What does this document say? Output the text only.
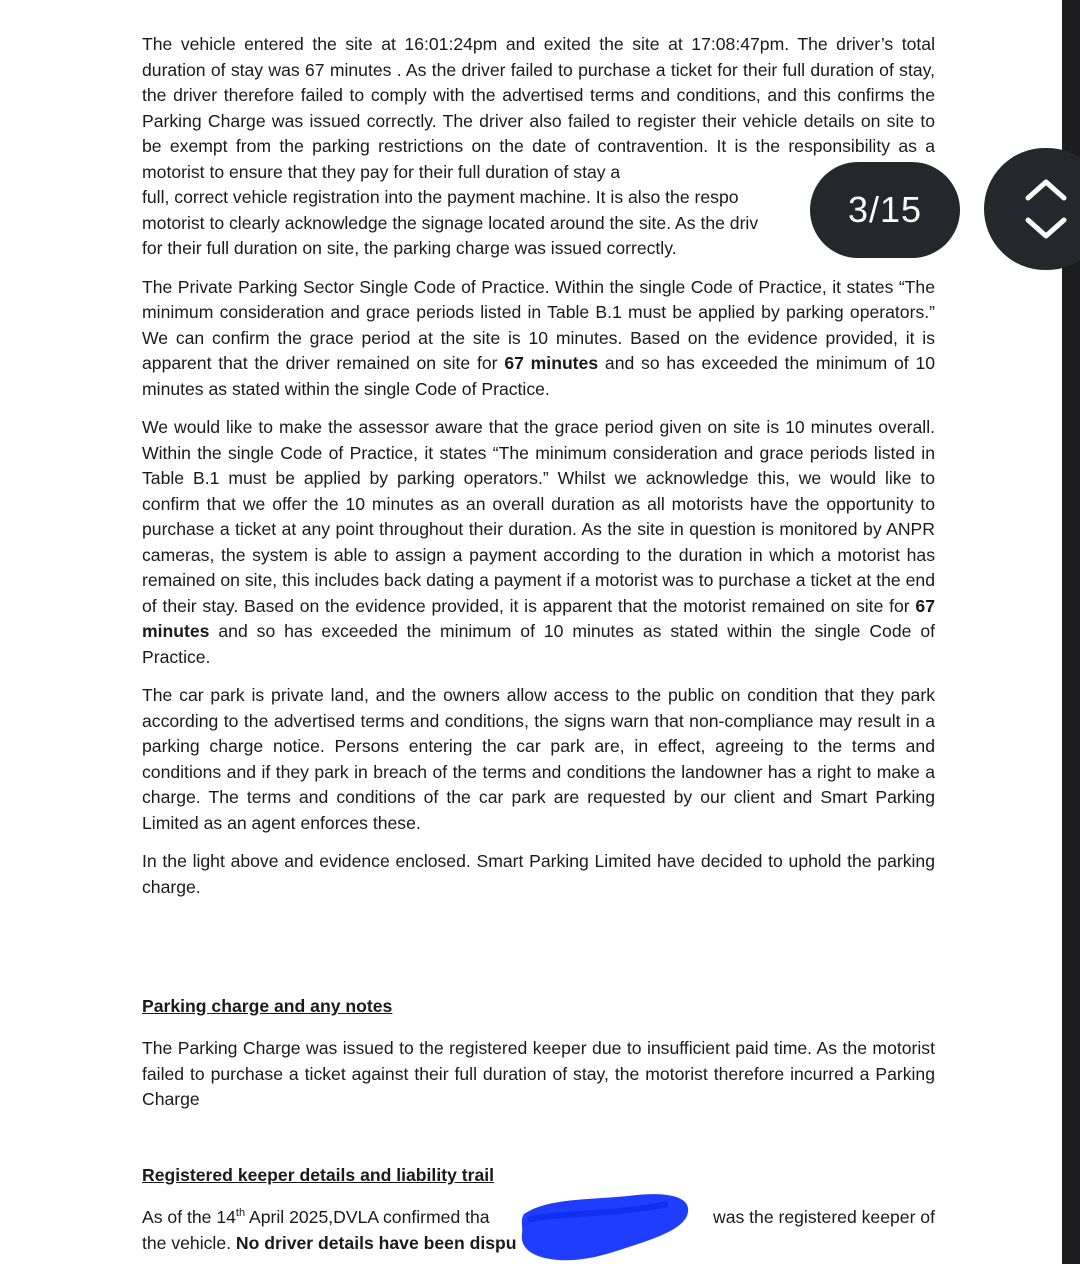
The vehicle entered the site at 16:01:24pm and exited the site at 17:08:47pm. The driver’s total duration of stay was 67 minutes . As the driver failed to purchase a ticket for their full duration of stay, the driver therefore failed to comply with the advertised terms and conditions, and this confirms the Parking Charge was issued correctly. The driver also failed to register their vehicle details on site to be exempt from the parking restrictions on the date of contravention. It is the responsibility as a motorist to ensure that they pay for their full duration of stay a
full, correct vehicle registration into the payment machine. It is also the respo
motorist to clearly acknowledge the signage located around the site. As the driv
for their full duration on site, the parking charge was issued correctly.

The Private Parking Sector Single Code of Practice. Within the single Code of Practice, it states “The minimum consideration and grace periods listed in Table B.1 must be applied by parking operators.” We can confirm the grace period at the site is 10 minutes. Based on the evidence provided, it is apparent that the driver remained on site for 67 minutes and so has exceeded the minimum of 10 minutes as stated within the single Code of Practice.

We would like to make the assessor aware that the grace period given on site is 10 minutes overall. Within the single Code of Practice, it states “The minimum consideration and grace periods listed in Table B.1 must be applied by parking operators.” Whilst we acknowledge this, we would like to confirm that we offer the 10 minutes as an overall duration as all motorists have the opportunity to purchase a ticket at any point throughout their duration. As the site in question is monitored by ANPR cameras, the system is able to assign a payment according to the duration in which a motorist has remained on site, this includes back dating a payment if a motorist was to purchase a ticket at the end of their stay. Based on the evidence provided, it is apparent that the motorist remained on site for 67 minutes and so has exceeded the minimum of 10 minutes as stated within the single Code of Practice.

The car park is private land, and the owners allow access to the public on condition that they park according to the advertised terms and conditions, the signs warn that non-compliance may result in a parking charge notice. Persons entering the car park are, in effect, agreeing to the terms and conditions and if they park in breach of the terms and conditions the landowner has a right to make a charge. The terms and conditions of the car park are requested by our client and Smart Parking Limited as an agent enforces these.

In the light above and evidence enclosed. Smart Parking Limited have decided to uphold the parking charge.

Parking charge and any notes

The Parking Charge was issued to the registered keeper due to insufficient paid time. As the motorist failed to purchase a ticket against their full duration of stay, the motorist therefore incurred a Parking Charge

Registered keeper details and liability trail

As of the 14th April 2025,DVLA confirmed tha	was the registered keeper of

the vehicle. No driver details have been dispu

3/15
